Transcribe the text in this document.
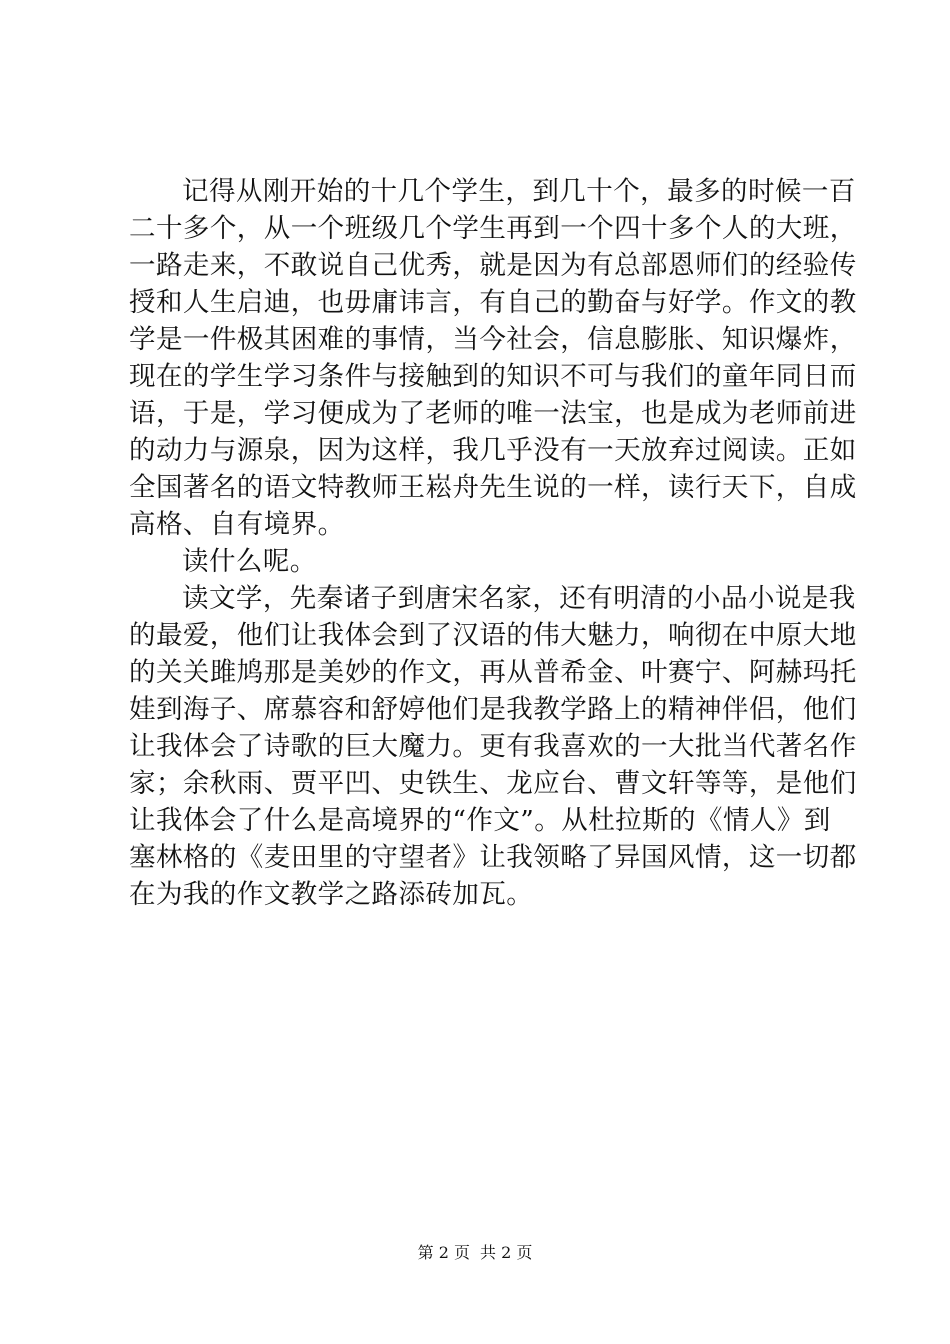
记得从刚开始的十几个学生，到几十个，最多的时候一百
二十多个，从一个班级几个学生再到一个四十多个人的大班，
一路走来，不敢说自己优秀，就是因为有总部恩师们的经验传
授和人生启迪，也毋庸讳言，有自己的勤奋与好学。作文的教
学是一件极其困难的事情，当今社会，信息膨胀、知识爆炸，
现在的学生学习条件与接触到的知识不可与我们的童年同日而
语，于是，学习便成为了老师的唯一法宝，也是成为老师前进
的动力与源泉，因为这样，我几乎没有一天放弃过阅读。正如
全国著名的语文特教师王崧舟先生说的一样，读行天下，自成
高格、自有境界。
读什么呢。
读文学，先秦诸子到唐宋名家，还有明清的小品小说是我
的最爱，他们让我体会到了汉语的伟大魅力，响彻在中原大地
的关关雎鸠那是美妙的作文，再从普希金、叶赛宁、阿赫玛托
娃到海子、席慕容和舒婷他们是我教学路上的精神伴侣，他们
让我体会了诗歌的巨大魔力。更有我喜欢的一大批当代著名作
家；余秋雨、贾平凹、史铁生、龙应台、曹文轩等等，是他们
让我体会了什么是高境界的“作文”。从杜拉斯的《情人》到
塞林格的《麦田里的守望者》让我领略了异国风情，这一切都
在为我的作文教学之路添砖加瓦。
第 2 页 共 2 页
